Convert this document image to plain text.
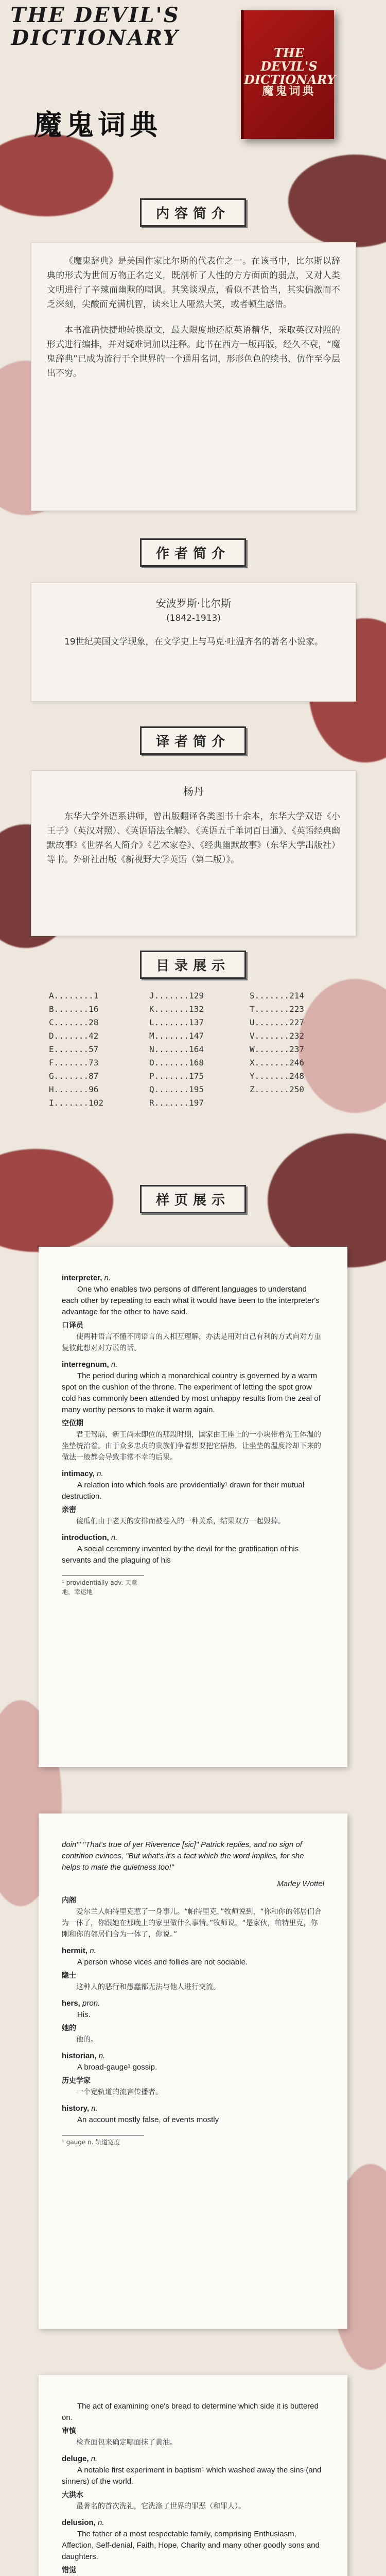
THE DEVIL'S DICTIONARY
魔鬼词典
THE DEVIL'S DICTIONARY
魔鬼词典
内容简介

《魔鬼辞典》是美国作家比尔斯的代表作之一。在该书中，比尔斯以辞典的形式为世间万物正名定义，既剖析了人性的方方面面的弱点，又对人类文明进行了辛辣而幽默的嘲讽。其笑谈观点，看似不甚恰当，其实偏激而不乏深刻，尖酸而充满机智，读来让人哑然大笑，或者顿生感悟。

本书准确快捷地转换原文，最大限度地还原英语精华，采取英汉对照的形式进行编排，并对疑难词加以注释。此书在西方一版再版，经久不衰，“魔鬼辞典”已成为流行于全世界的一个通用名词，形形色色的续书、仿作至今层出不穷。

作者简介
安波罗斯·比尔斯
(1842-1913)

19世纪美国文学现象，在文学史上与马克·吐温齐名的著名小说家。

译者简介
杨丹

东华大学外语系讲师，曾出版翻译各类图书十余本，东华大学双语《小王子》（英汉对照）、《英语语法全解》、《英语五千单词百日通》、《英语经典幽默故事》《世界名人简介》《艺术家卷》、《经典幽默故事》（东华大学出版社）等书。外研社出版《新视野大学英语（第二版）》。

目录展示
A........1
B.......16
C.......28
D.......42
E.......57
F.......73
G.......87
H.......96
I.......102
J.......129
K.......132
L.......137
M.......147
N.......164
O.......168
P.......175
Q.......195
R.......197
S.......214
T.......223
U.......227
V.......232
W.......237
X.......246
Y.......248
Z.......250
样页展示
interpreter, n.
One who enables two persons of different languages to understand each other by repeating to each what it would have been to the interpreter's advantage for the other to have said.
口译员
使两种语言不懂不同语言的人相互理解，办法是用对自己有利的方式向对方重复彼此想对对方说的话。
interregnum, n.
The period during which a monarchical country is governed by a warm spot on the cushion of the throne. The experiment of letting the spot grow cold has commonly been attended by most unhappy results from the zeal of many worthy persons to make it warm again.
空位期
君王驾崩，新王尚未即位的那段时期，国家由王座上的一小块带着先王体温的坐垫统治着。由于众多忠贞的贵族们争着想要把它捂热，让坐垫的温度冷却下来的做法一般都会导致非常不幸的后果。
intimacy, n.
A relation into which fools are providentially¹ drawn for their mutual destruction.
亲密
傻瓜们由于老天的安排而被卷入的一种关系，结果双方一起毁掉。
introduction, n.
A social ceremony invented by the devil for the gratification of his servants and the plaguing of his
¹ providentially adv. 天意地，幸运地
doin'" "That's true of yer Riverence [sic]" Patrick replies, and no sign of contrition evinces, "But what's it's a fact which the word implies, for she helps to mate the quietness too!"
Marley Wottel
内阁
爱尔兰人帕特里克惹了一身事儿。“帕特里克，”牧师说到，“你和你的邻居们合为一体了，你跟她在那晚上的家里做什么事情。”牧师说，“是家伙，帕特里克，你刚和你的邻居们合为一体了，你说。”
hermit, n.
A person whose vices and follies are not sociable.
隐士
这种人的恶行和愚蠢都无法与他人进行交流。
hers, pron.
His.
她的
他的。
historian, n.
A broad-gauge¹ gossip.
历史学家
一个宽轨道的流言传播者。
history, n.
An account mostly false, of events mostly
¹ gauge n. 轨道宽度
The act of examining one's bread to determine which side it is buttered on.
审慎
检查面包来确定哪面抹了黄油。
deluge, n.
A notable first experiment in baptism¹ which washed away the sins (and sinners) of the world.
大洪水
最著名的首次洗礼，它洗涤了世界的罪恶（和罪人）。
delusion, n.
The father of a most respectable family, comprising Enthusiasm, Affection, Self-denial, Faith, Hope, Charity and many other goodly sons and daughters.
错觉
